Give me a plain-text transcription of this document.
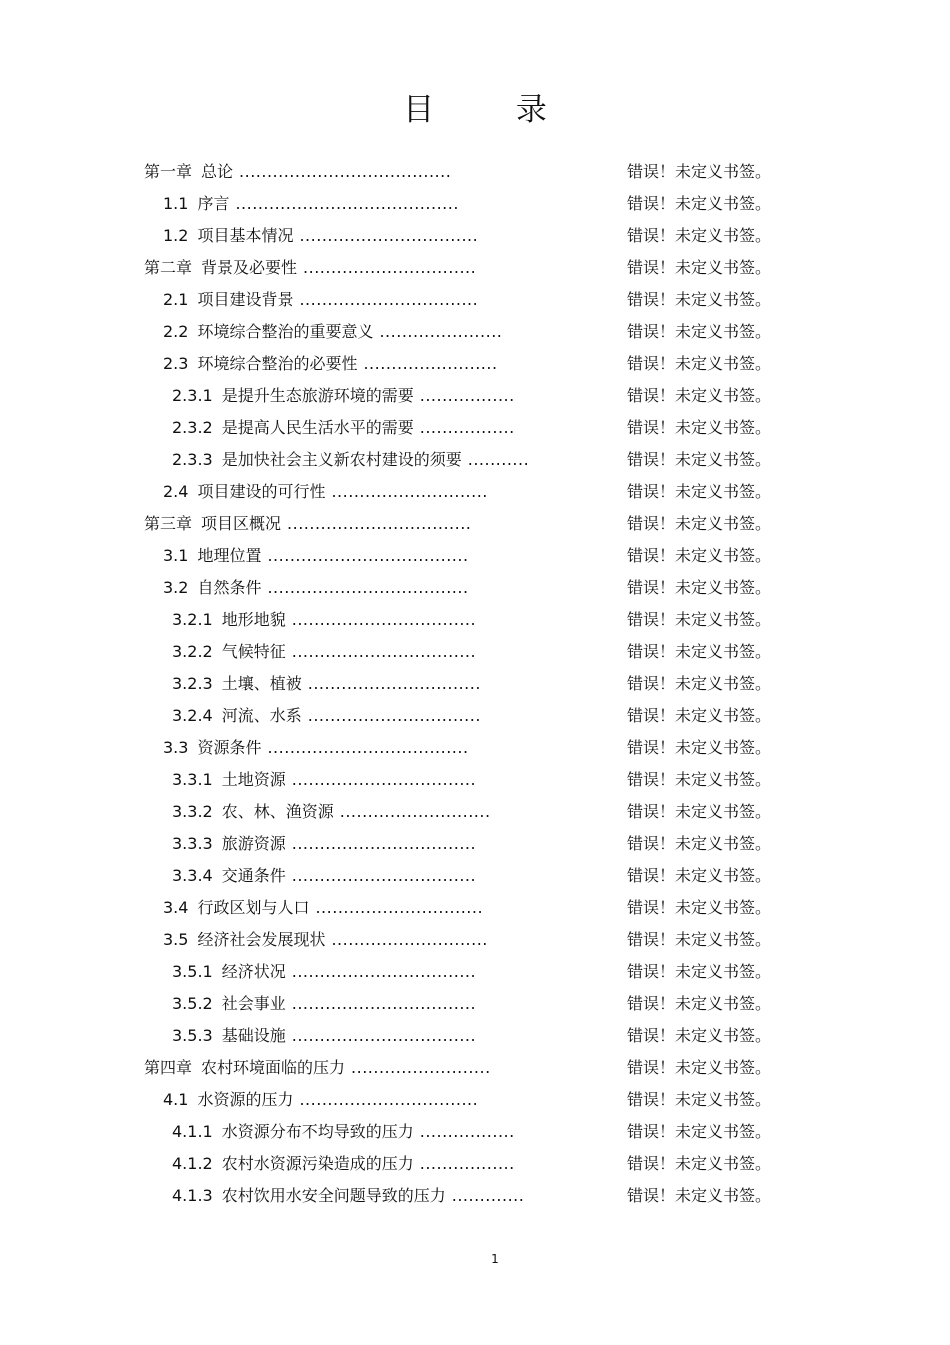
目 录
第一章 总论 ......................................	错误！未定义书签。
1.1 序言 ........................................	错误！未定义书签。
1.2 项目基本情况 ................................	错误！未定义书签。
第二章 背景及必要性 ...............................	错误！未定义书签。
2.1 项目建设背景 ................................	错误！未定义书签。
2.2 环境综合整治的重要意义 ......................	错误！未定义书签。
2.3 环境综合整治的必要性 ........................	错误！未定义书签。
2.3.1 是提升生态旅游环境的需要 .................	错误！未定义书签。
2.3.2 是提高人民生活水平的需要 .................	错误！未定义书签。
2.3.3 是加快社会主义新农村建设的须要 ...........	错误！未定义书签。
2.4 项目建设的可行性 ............................	错误！未定义书签。
第三章 项目区概况 .................................	错误！未定义书签。
3.1 地理位置 ....................................	错误！未定义书签。
3.2 自然条件 ....................................	错误！未定义书签。
3.2.1 地形地貌 .................................	错误！未定义书签。
3.2.2 气候特征 .................................	错误！未定义书签。
3.2.3 土壤、植被 ...............................	错误！未定义书签。
3.2.4 河流、水系 ...............................	错误！未定义书签。
3.3 资源条件 ....................................	错误！未定义书签。
3.3.1 土地资源 .................................	错误！未定义书签。
3.3.2 农、林、渔资源 ...........................	错误！未定义书签。
3.3.3 旅游资源 .................................	错误！未定义书签。
3.3.4 交通条件 .................................	错误！未定义书签。
3.4 行政区划与人口 ..............................	错误！未定义书签。
3.5 经济社会发展现状 ............................	错误！未定义书签。
3.5.1 经济状况 .................................	错误！未定义书签。
3.5.2 社会事业 .................................	错误！未定义书签。
3.5.3 基础设施 .................................	错误！未定义书签。
第四章 农村环境面临的压力 .........................	错误！未定义书签。
4.1 水资源的压力 ................................	错误！未定义书签。
4.1.1 水资源分布不均导致的压力 .................	错误！未定义书签。
4.1.2 农村水资源污染造成的压力 .................	错误！未定义书签。
4.1.3 农村饮用水安全问题导致的压力 .............	错误！未定义书签。
1
